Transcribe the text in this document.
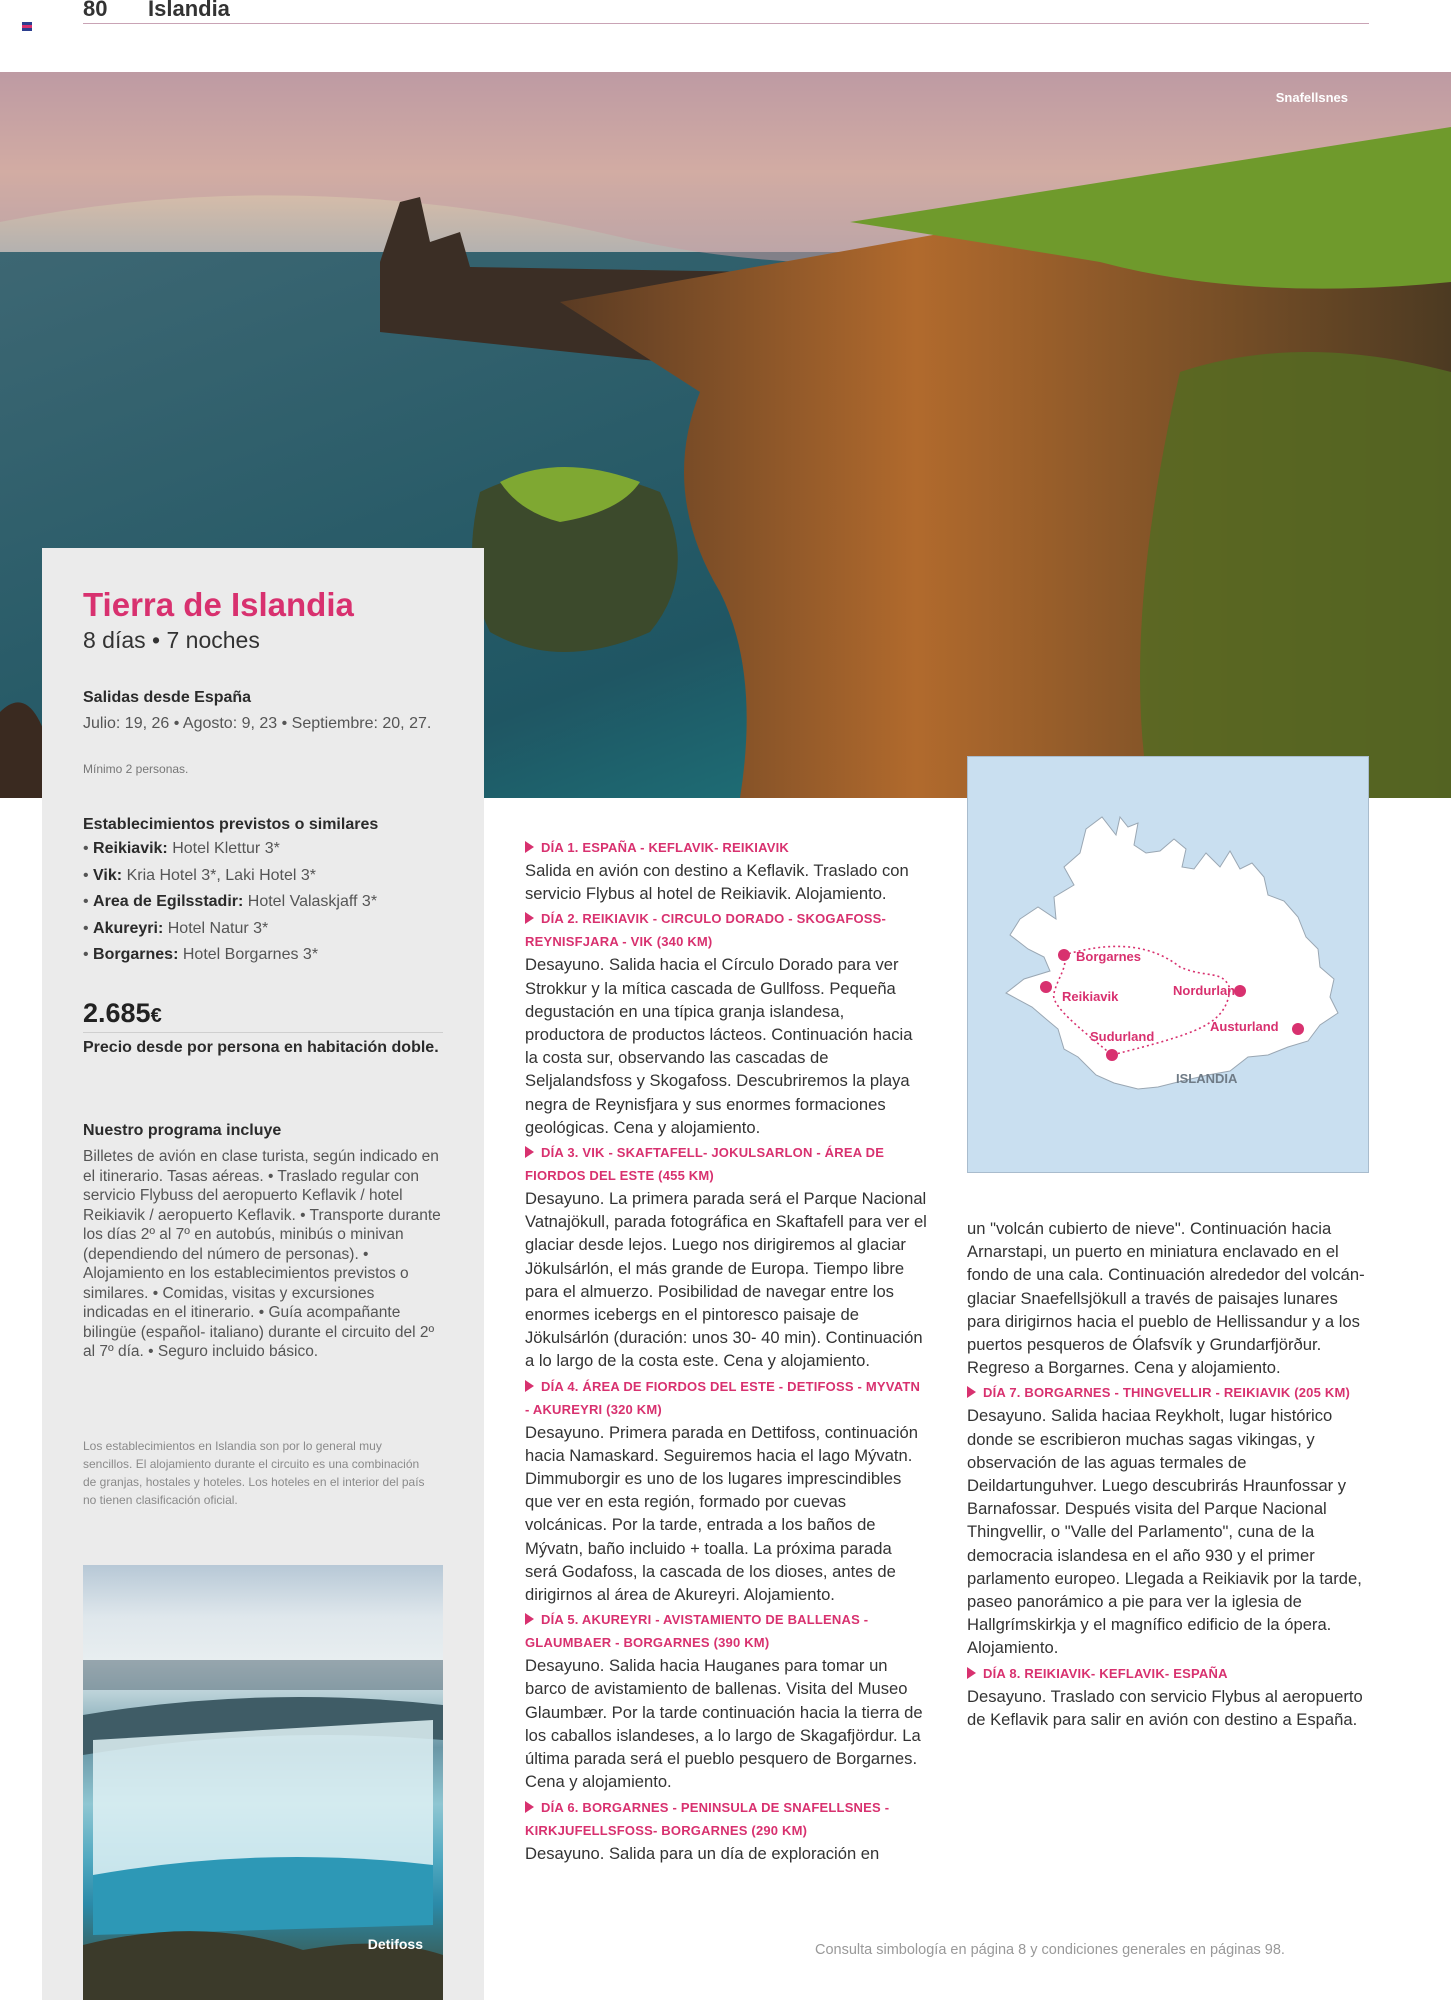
80 Islandia
Snafellsnes
Tierra de Islandia
8 días • 7 noches
Salidas desde España
Julio: 19, 26 • Agosto: 9, 23 • Septiembre: 20, 27.
Mínimo 2 personas.
Establecimientos previstos o similares
• Reikiavik: Hotel Klettur 3*
• Vik: Kria Hotel 3*, Laki Hotel 3*
• Area de Egilsstadir: Hotel Valaskjaff 3*
• Akureyri: Hotel Natur 3*
• Borgarnes: Hotel Borgarnes 3*
2.685€
Precio desde por persona en habitación doble.
Nuestro programa incluye
Billetes de avión en clase turista, según indicado en el itinerario. Tasas aéreas. • Traslado regular con servicio Flybuss del aeropuerto Keflavik / hotel Reikiavik / aeropuerto Keflavik. • Transporte durante los días 2º al 7º en autobús, minibús o minivan (dependiendo del número de personas). • Alojamiento en los establecimientos previstos o similares. • Comidas, visitas y excursiones indicadas en el itinerario. • Guía acompañante bilingüe (español- italiano) durante el circuito del 2º al 7º día. • Seguro incluido básico.
Los establecimientos en Islandia son por lo general muy sencillos. El alojamiento durante el circuito es una combinación de granjas, hostales y hoteles. Los hoteles en el interior del país no tienen clasificación oficial.
Detifoss
Borgarnes
Reikiavik	Nordurland
Austurland
Sudurland
ISLANDIA
DÍA 1. ESPAÑA - KEFLAVIK- REIKIAVIK

Salida en avión con destino a Keflavik. Traslado con servicio Flybus al hotel de Reikiavik. Alojamiento.

DÍA 2. REIKIAVIK - CIRCULO DORADO - SKOGAFOSS- REYNISFJARA - VIK (340 KM)

Desayuno. Salida hacia el Círculo Dorado para ver Strokkur y la mítica cascada de Gullfoss. Pequeña degustación en una típica granja islandesa, productora de productos lácteos. Continuación hacia la costa sur, observando las cascadas de Seljalandsfoss y Skogafoss. Descubriremos la playa negra de Reynisfjara y sus enormes formaciones geológicas. Cena y alojamiento.

DÍA 3. VIK - SKAFTAFELL- JOKULSARLON - ÁREA DE FIORDOS DEL ESTE (455 KM)

Desayuno. La primera parada será el Parque Nacional Vatnajökull, parada fotográfica en Skaftafell para ver el glaciar desde lejos. Luego nos dirigiremos al glaciar Jökulsárlón, el más grande de Europa. Tiempo libre para el almuerzo. Posibilidad de navegar entre los enormes icebergs en el pintoresco paisaje de Jökulsárlón (duración: unos 30- 40 min). Continuación a lo largo de la costa este. Cena y alojamiento.

DÍA 4. ÁREA DE FIORDOS DEL ESTE - DETIFOSS - MYVATN - AKUREYRI (320 KM)

Desayuno. Primera parada en Dettifoss, continuación hacia Namaskard. Seguiremos hacia el lago Mývatn. Dimmuborgir es uno de los lugares imprescindibles que ver en esta región, formado por cuevas volcánicas. Por la tarde, entrada a los baños de Mývatn, baño incluido + toalla. La próxima parada será Godafoss, la cascada de los dioses, antes de dirigirnos al área de Akureyri. Alojamiento.

DÍA 5. AKUREYRI - AVISTAMIENTO DE BALLENAS - GLAUMBAER - BORGARNES (390 KM)

Desayuno. Salida hacia Hauganes para tomar un barco de avistamiento de ballenas. Visita del Museo Glaumbær. Por la tarde continuación hacia la tierra de los caballos islandeses, a lo largo de Skagafjördur. La última parada será el pueblo pesquero de Borgarnes. Cena y alojamiento.

DÍA 6. BORGARNES - PENINSULA DE SNAFELLSNES - KIRKJUFELLSFOSS- BORGARNES (290 KM)

Desayuno. Salida para un día de exploración en

un "volcán cubierto de nieve". Continuación hacia Arnarstapi, un puerto en miniatura enclavado en el fondo de una cala. Continuación alrededor del volcán-glaciar Snaefellsjökull a través de paisajes lunares para dirigirnos hacia el pueblo de Hellissandur y a los puertos pesqueros de Ólafsvík y Grundarfjörður. Regreso a Borgarnes. Cena y alojamiento.

DÍA 7. BORGARNES - THINGVELLIR - REIKIAVIK (205 KM)

Desayuno. Salida haciaa Reykholt, lugar histórico donde se escribieron muchas sagas vikingas, y observación de las aguas termales de Deildartunguhver. Luego descubrirás Hraunfossar y Barnafossar. Después visita del Parque Nacional Thingvellir, o "Valle del Parlamento", cuna de la democracia islandesa en el año 930 y el primer parlamento europeo. Llegada a Reikiavik por la tarde, paseo panorámico a pie para ver la iglesia de Hallgrímskirkja y el magnífico edificio de la ópera. Alojamiento.

DÍA 8. REIKIAVIK- KEFLAVIK- ESPAÑA

Desayuno. Traslado con servicio Flybus al aeropuerto de Keflavik para salir en avión con destino a España.

Consulta simbología en página 8 y condiciones generales en páginas 98.
